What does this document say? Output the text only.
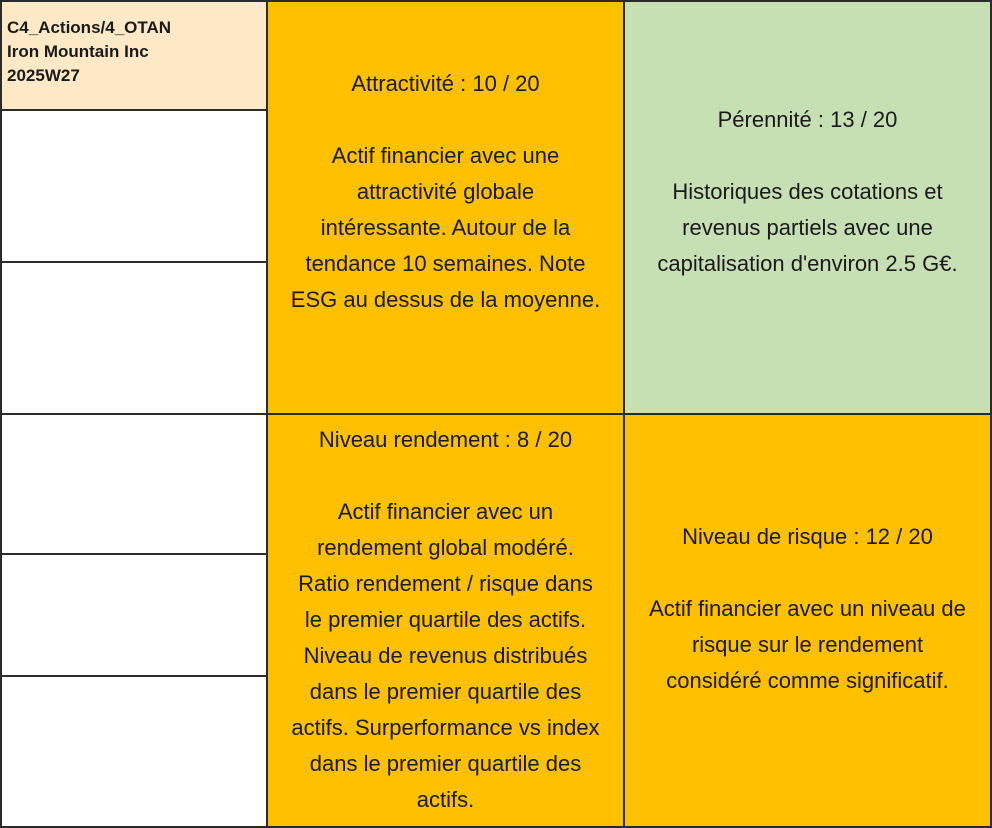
C4_Actions/4_OTAN
Iron Mountain Inc
2025W27	Attractivité : 10 / 20

Actif financier avec une

attractivité globale

intéressante. Autour de la

tendance 10 semaines. Note

ESG au dessus de la moyenne.

Pérennité : 13 / 20

Historiques des cotations et

revenus partiels avec une

capitalisation d'environ 2.5 G€.

Niveau rendement : 8 / 20

Actif financier avec un

rendement global modéré.

Ratio rendement / risque dans

le premier quartile des actifs.

Niveau de revenus distribués

dans le premier quartile des

actifs. Surperformance vs index

dans le premier quartile des

actifs.

Niveau de risque : 12 / 20

Actif financier avec un niveau de

risque sur le rendement

considéré comme significatif.
